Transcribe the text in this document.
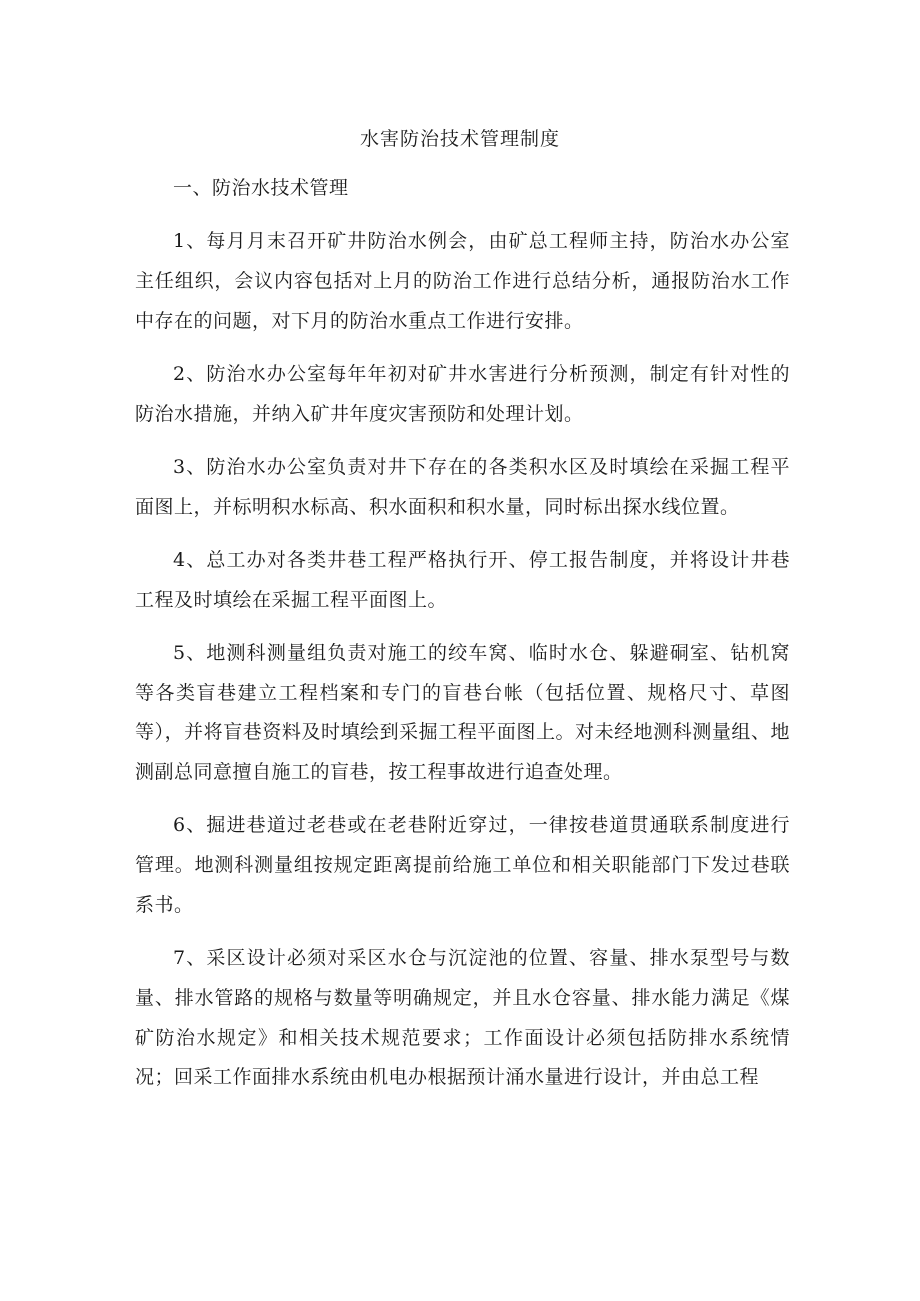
水害防治技术管理制度

一、防治水技术管理

1、每月月末召开矿井防治水例会，由矿总工程师主持，防治水办公室主任组织，会议内容包括对上月的防治工作进行总结分析，通报防治水工作中存在的问题，对下月的防治水重点工作进行安排。

2、防治水办公室每年年初对矿井水害进行分析预测，制定有针对性的防治水措施，并纳入矿井年度灾害预防和处理计划。

3、防治水办公室负责对井下存在的各类积水区及时填绘在采掘工程平面图上，并标明积水标高、积水面积和积水量，同时标出探水线位置。

4、总工办对各类井巷工程严格执行开、停工报告制度，并将设计井巷工程及时填绘在采掘工程平面图上。

5、地测科测量组负责对施工的绞车窝、临时水仓、躲避硐室、钻机窝等各类盲巷建立工程档案和专门的盲巷台帐（包括位置、规格尺寸、草图等），并将盲巷资料及时填绘到采掘工程平面图上。对未经地测科测量组、地测副总同意擅自施工的盲巷，按工程事故进行追查处理。

6、掘进巷道过老巷或在老巷附近穿过，一律按巷道贯通联系制度进行管理。地测科测量组按规定距离提前给施工单位和相关职能部门下发过巷联系书。

7、采区设计必须对采区水仓与沉淀池的位置、容量、排水泵型号与数量、排水管路的规格与数量等明确规定，并且水仓容量、排水能力满足《煤矿防治水规定》和相关技术规范要求；工作面设计必须包括防排水系统情况；回采工作面排水系统由机电办根据预计涌水量进行设计，并由总工程
